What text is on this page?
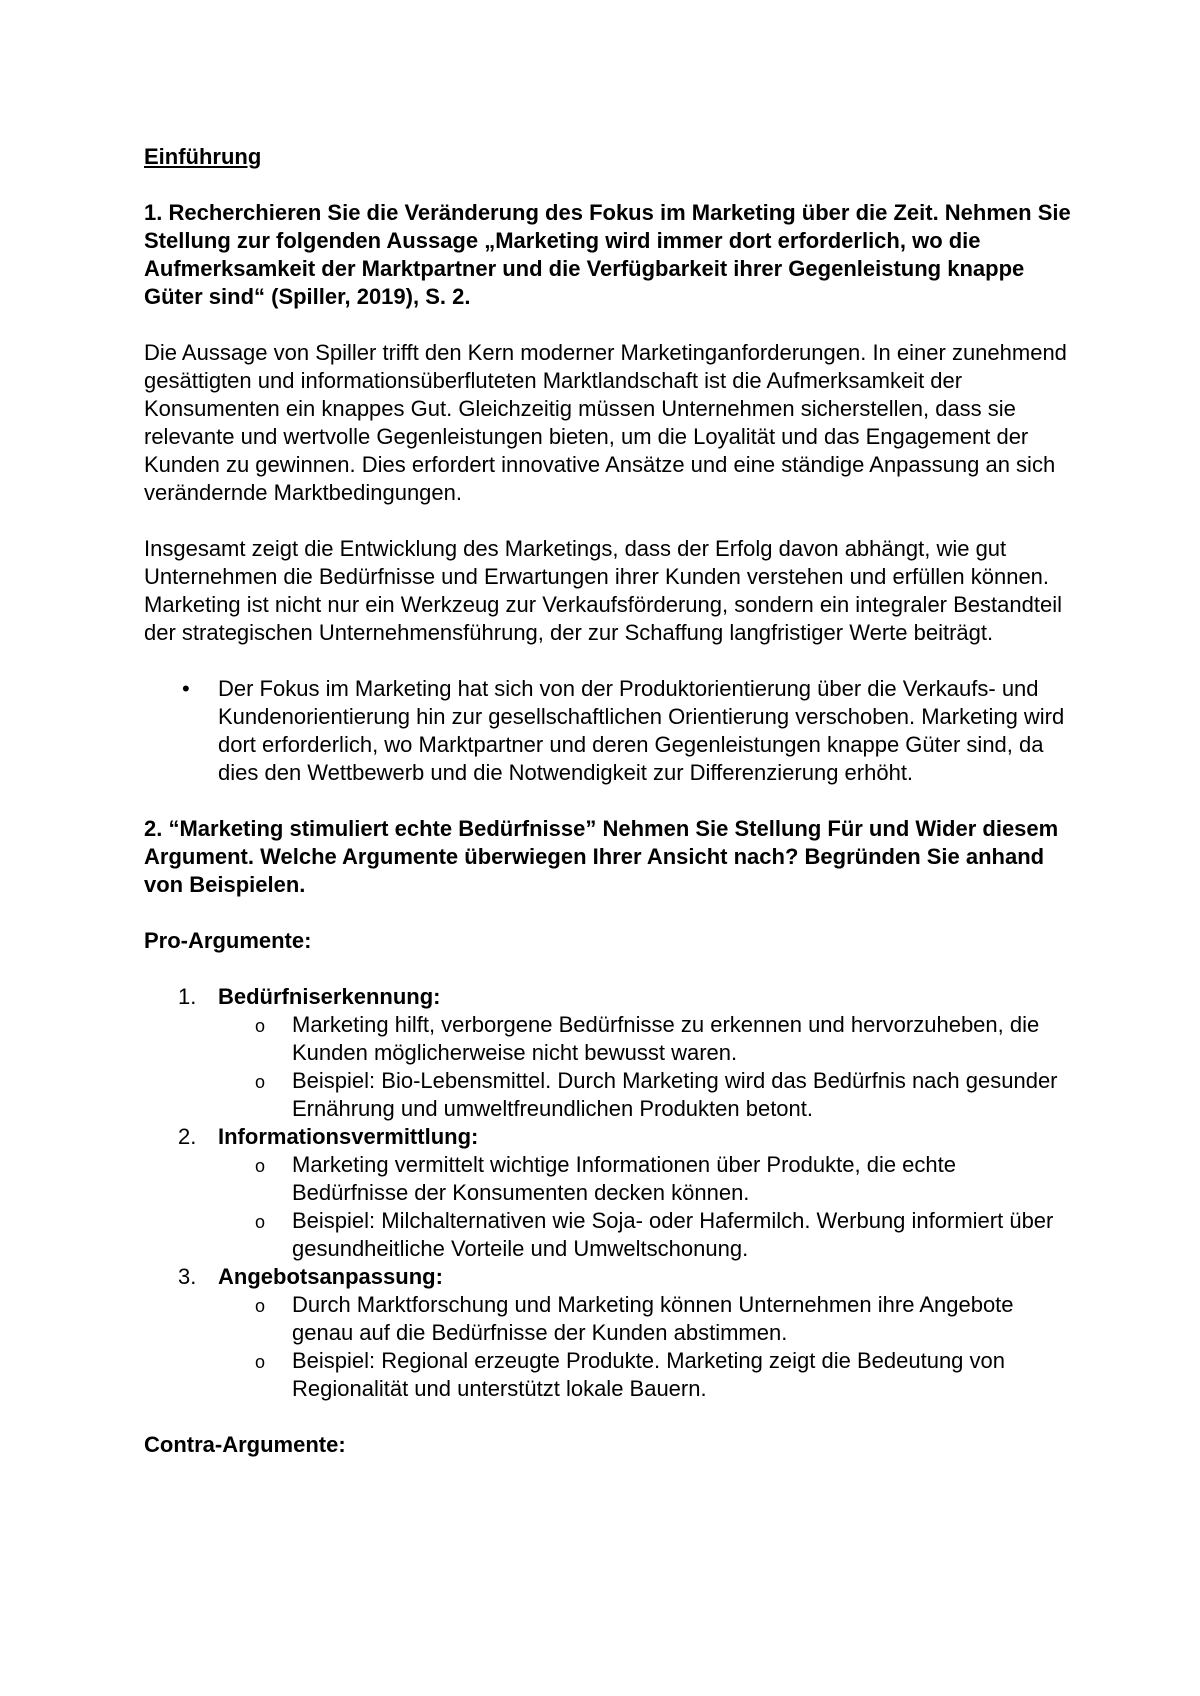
Einführung

1. Recherchieren Sie die Veränderung des Fokus im Marketing über die Zeit. Nehmen Sie Stellung zur folgenden Aussage „Marketing wird immer dort erforderlich, wo die Aufmerksamkeit der Marktpartner und die Verfügbarkeit ihrer Gegenleistung knappe Güter sind“ (Spiller, 2019), S. 2.

Die Aussage von Spiller trifft den Kern moderner Marketinganforderungen. In einer zunehmend gesättigten und informationsüberfluteten Marktlandschaft ist die Aufmerksamkeit der Konsumenten ein knappes Gut. Gleichzeitig müssen Unternehmen sicherstellen, dass sie relevante und wertvolle Gegenleistungen bieten, um die Loyalität und das Engagement der Kunden zu gewinnen. Dies erfordert innovative Ansätze und eine ständige Anpassung an sich verändernde Marktbedingungen.

Insgesamt zeigt die Entwicklung des Marketings, dass der Erfolg davon abhängt, wie gut Unternehmen die Bedürfnisse und Erwartungen ihrer Kunden verstehen und erfüllen können. Marketing ist nicht nur ein Werkzeug zur Verkaufsförderung, sondern ein integraler Bestandteil der strategischen Unternehmensführung, der zur Schaffung langfristiger Werte beiträgt.

• Der Fokus im Marketing hat sich von der Produktorientierung über die Verkaufs- und Kundenorientierung hin zur gesellschaftlichen Orientierung verschoben. Marketing wird dort erforderlich, wo Marktpartner und deren Gegenleistungen knappe Güter sind, da dies den Wettbewerb und die Notwendigkeit zur Differenzierung erhöht.

2. “Marketing stimuliert echte Bedürfnisse” Nehmen Sie Stellung Für und Wider diesem Argument. Welche Argumente überwiegen Ihrer Ansicht nach? Begründen Sie anhand von Beispielen.

Pro-Argumente:
1. Bedürfniserkennung:
o Marketing hilft, verborgene Bedürfnisse zu erkennen und hervorzuheben, die Kunden möglicherweise nicht bewusst waren.
o Beispiel: Bio-Lebensmittel. Durch Marketing wird das Bedürfnis nach gesunder Ernährung und umweltfreundlichen Produkten betont.
2. Informationsvermittlung:
o Marketing vermittelt wichtige Informationen über Produkte, die echte Bedürfnisse der Konsumenten decken können.
o Beispiel: Milchalternativen wie Soja- oder Hafermilch. Werbung informiert über gesundheitliche Vorteile und Umweltschonung.
3. Angebotsanpassung:
o Durch Marktforschung und Marketing können Unternehmen ihre Angebote genau auf die Bedürfnisse der Kunden abstimmen.
o Beispiel: Regional erzeugte Produkte. Marketing zeigt die Bedeutung von Regionalität und unterstützt lokale Bauern.
Contra-Argumente:
